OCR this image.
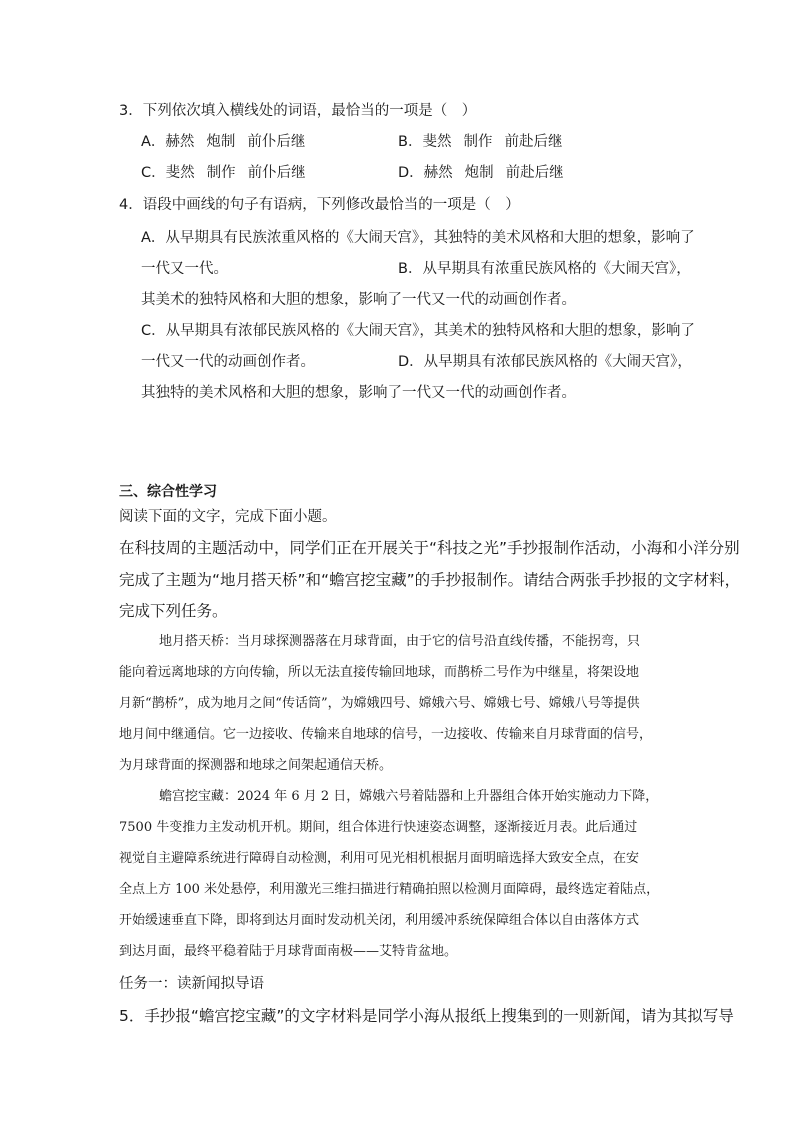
3．下列依次填入横线处的词语，最恰当的一项是（　）
A．赫然 炮制 前仆后继	B．斐然 制作 前赴后继
C．斐然 制作 前仆后继	D．赫然 炮制 前赴后继
4．语段中画线的句子有语病，下列修改最恰当的一项是（　）
A．从早期具有民族浓重风格的《大闹天宫》，其独特的美术风格和大胆的想象，影响了
一代又一代。	B．从早期具有浓重民族风格的《大闹天宫》，
其美术的独特风格和大胆的想象，影响了一代又一代的动画创作者。
C．从早期具有浓郁民族风格的《大闹天宫》，其美术的独特风格和大胆的想象，影响了
一代又一代的动画创作者。	D．从早期具有浓郁民族风格的《大闹天宫》，
其独特的美术风格和大胆的想象，影响了一代又一代的动画创作者。
三、综合性学习
阅读下面的文字，完成下面小题。
在科技周的主题活动中，同学们正在开展关于“科技之光”手抄报制作活动，小海和小洋分别
完成了主题为“地月搭天桥”和“蟾宫挖宝藏”的手抄报制作。请结合两张手抄报的文字材料，
完成下列任务。
地月搭天桥：当月球探测器落在月球背面，由于它的信号沿直线传播，不能拐弯，只
能向着远离地球的方向传输，所以无法直接传输回地球，而鹊桥二号作为中继星，将架设地
月新“鹊桥”，成为地月之间“传话筒”，为嫦娥四号、嫦娥六号、嫦娥七号、嫦娥八号等提供
地月间中继通信。它一边接收、传输来自地球的信号，一边接收、传输来自月球背面的信号，
为月球背面的探测器和地球之间架起通信天桥。
蟾宫挖宝藏：2024 年 6 月 2 日，嫦娥六号着陆器和上升器组合体开始实施动力下降，
7500 牛变推力主发动机开机。期间，组合体进行快速姿态调整，逐渐接近月表。此后通过
视觉自主避障系统进行障碍自动检测，利用可见光相机根据月面明暗选择大致安全点，在安
全点上方 100 米处悬停，利用激光三维扫描进行精确拍照以检测月面障碍，最终选定着陆点，
开始缓速垂直下降，即将到达月面时发动机关闭，利用缓冲系统保障组合体以自由落体方式
到达月面，最终平稳着陆于月球背面南极——艾特肯盆地。
任务一：读新闻拟导语
5．手抄报“蟾宫挖宝藏”的文字材料是同学小海从报纸上搜集到的一则新闻，请为其拟写导
